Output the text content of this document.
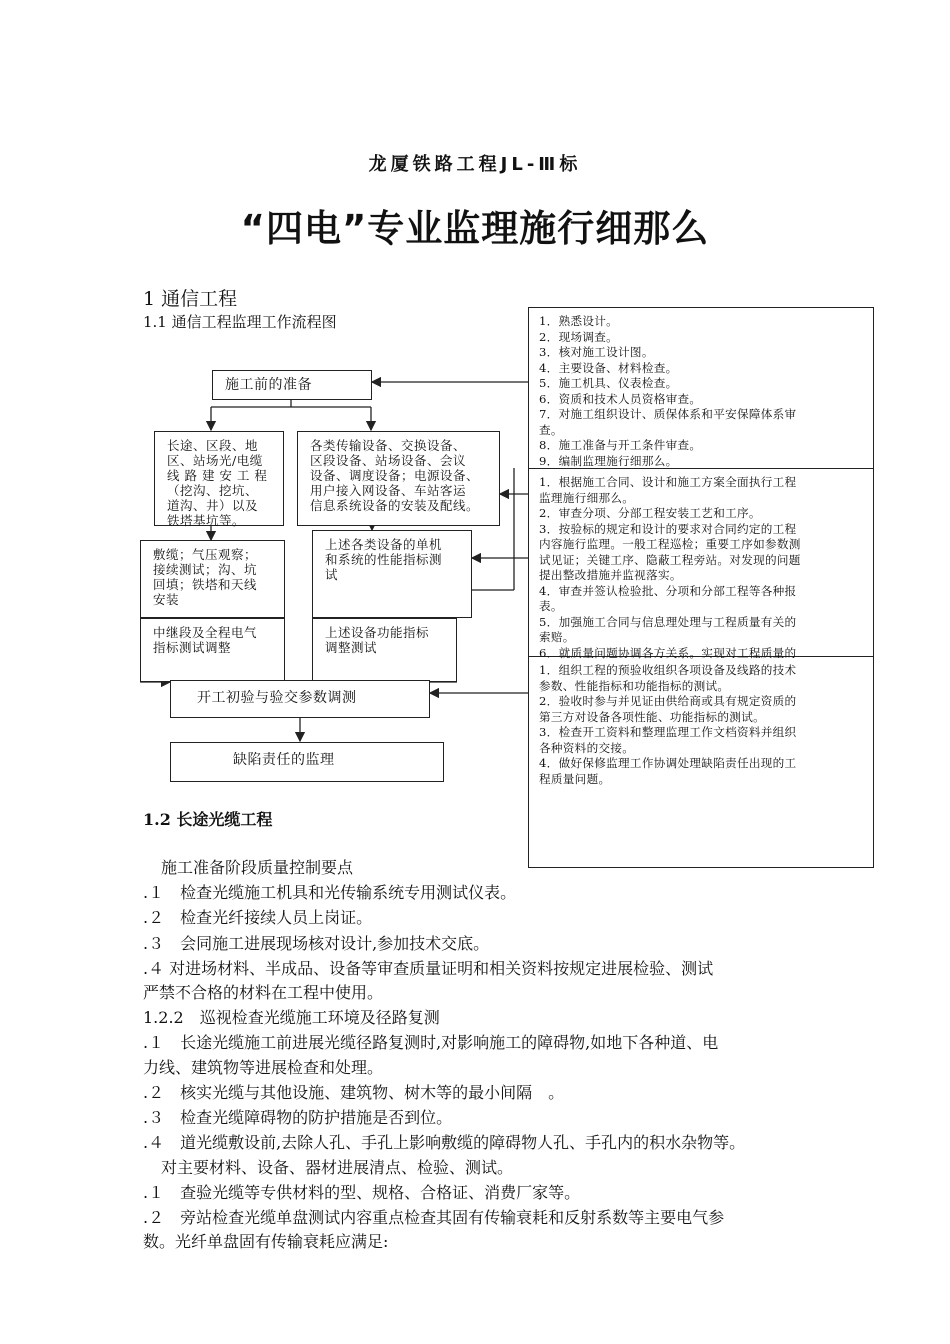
龙厦铁路工程JL-Ⅲ标
“四电”专业监理施行细那么
1 通信工程
1.1 通信工程监理工作流程图
施工前的准备
长途、区段、地
区、站场光/电缆
线 路 建 安 工 程
（挖沟、挖坑、
道沟、井）以及
铁塔基坑等。
各类传输设备、交换设备、
区段设备、站场设备、会议
设备、调度设备；电源设备、
用户接入网设备、车站客运
信息系统设备的安装及配线。
敷缆；气压观察；
接续测试；沟、坑
回填；铁塔和天线
安装
上述各类设备的单机
和系统的性能指标测
试
中继段及全程电气
指标测试调整
上述设备功能指标
调整测试
开工初验与验交参数调测
缺陷责任的监理
1．熟悉设计。
2．现场调查。
3．核对施工设计图。
4．主要设备、材料检查。
5．施工机具、仪表检查。
6．资质和技术人员资格审查。
7．对施工组织设计、质保体系和平安保障体系审
查。
8．施工准备与开工条件审查。
9．编制监理施行细那么。
1．根据施工合同、设计和施工方案全面执行工程
监理施行细那么。
2．审查分项、分部工程安装工艺和工序。
3．按验标的规定和设计的要求对合同约定的工程
内容施行监理。一般工程巡检；重要工序如参数测
试见证；关键工序、隐蔽工程旁站。对发现的问题
提出整改措施并监视落实。
4．审查并签认检验批、分项和分部工程等各种报
表。
5．加强施工合同与信息理处理与工程质量有关的
索赔。
6．就质量问题协调各方关系。实现对工程质量的
1．组织工程的预验收组织各项设备及线路的技术
参数、性能指标和功能指标的测试。
2．验收时参与并见证由供给商或具有规定资质的
第三方对设备各项性能、功能指标的测试。
3．检查开工资料和整理监理工作文档资料并组织
各种资料的交接。
4．做好保修监理工作协调处理缺陷责任出现的工
程质量问题。
1.2 长途光缆工程
施工准备阶段质量控制要点
.１　检查光缆施工机具和光传输系统专用测试仪表。
.２　检查光纤接续人员上岗证。
.３　会同施工进展现场核对设计,参加技术交底。
.４ 对进场材料、半成品、设备等审查质量证明和相关资料按规定进展检验、测试
严禁不合格的材料在工程中使用。
1.2.2　巡视检查光缆施工环境及径路复测
.１　长途光缆施工前进展光缆径路复测时,对影响施工的障碍物,如地下各种道、电
力线、建筑物等进展检查和处理。
.２　核实光缆与其他设施、建筑物、树木等的最小间隔　。
.３　检查光缆障碍物的防护措施是否到位。
.４　道光缆敷设前,去除人孔、手孔上影响敷缆的障碍物人孔、手孔内的积水杂物等。
对主要材料、设备、器材进展清点、检验、测试。
.１　查验光缆等专供材料的型、规格、合格证、消费厂家等。
.２　旁站检查光缆单盘测试内容重点检查其固有传输衰耗和反射系数等主要电气参
数。光纤单盘固有传输衰耗应满足:
